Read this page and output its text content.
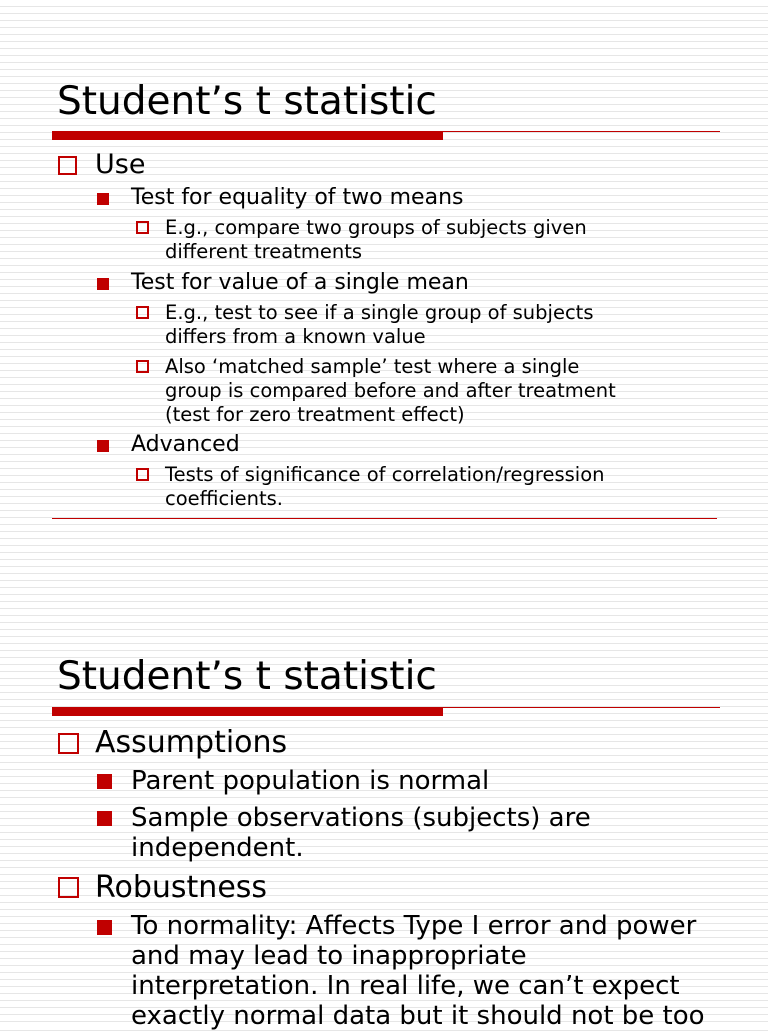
Student’s t statistic
Use
Test for equality of two means
E.g., compare two groups of subjects given
different treatments
Test for value of a single mean
E.g., test to see if a single group of subjects
differs from a known value
Also ‘matched sample’ test where a single
group is compared before and after treatment
(test for zero treatment effect)
Advanced
Tests of significance of correlation/regression
coefficients.
Student’s t statistic
Assumptions
Parent population is normal
Sample observations (subjects) are
independent.
Robustness
To normality: Affects Type I error and power
and may lead to inappropriate
interpretation. In real life, we can’t expect
exactly normal data but it should not be too
